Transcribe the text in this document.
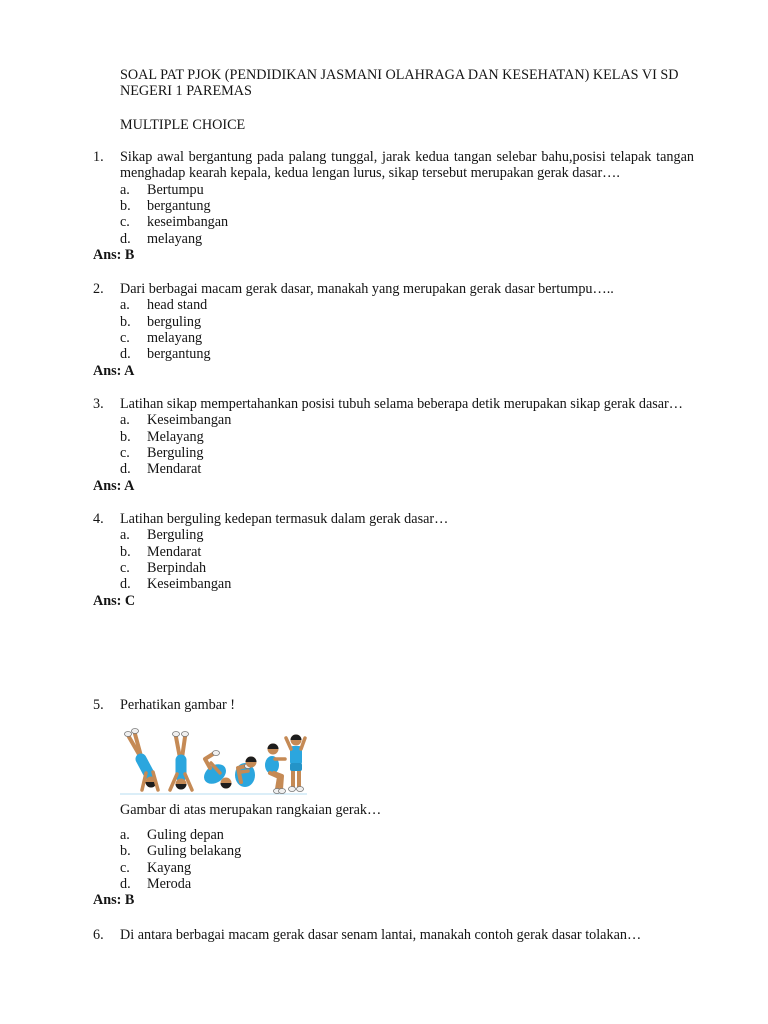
SOAL PAT PJOK (PENDIDIKAN JASMANI OLAHRAGA DAN KESEHATAN) KELAS VI SD NEGERI 1 PAREMAS
MULTIPLE CHOICE
1. Sikap awal bergantung pada palang tunggal, jarak kedua tangan selebar bahu,posisi telapak tangan menghadap kearah kepala, kedua lengan lurus, sikap tersebut merupakan gerak dasar….
a. Bertumpu
b. bergantung
c. keseimbangan
d. melayang
Ans: B
2. Dari berbagai macam gerak dasar, manakah yang merupakan gerak dasar bertumpu…..
a. head stand
b. berguling
c. melayang
d. bergantung
Ans: A
3. Latihan sikap mempertahankan posisi tubuh selama beberapa detik merupakan sikap gerak dasar…
a. Keseimbangan
b. Melayang
c. Berguling
d. Mendarat
Ans: A
4. Latihan berguling kedepan termasuk dalam gerak dasar…
a. Berguling
b. Mendarat
c. Berpindah
d. Keseimbangan
Ans: C
5. Perhatikan gambar !
Gambar di atas merupakan rangkaian gerak…
a. Guling depan
b. Guling belakang
c. Kayang
d. Meroda
Ans: B
6. Di antara berbagai macam gerak dasar senam lantai, manakah contoh gerak dasar tolakan…
